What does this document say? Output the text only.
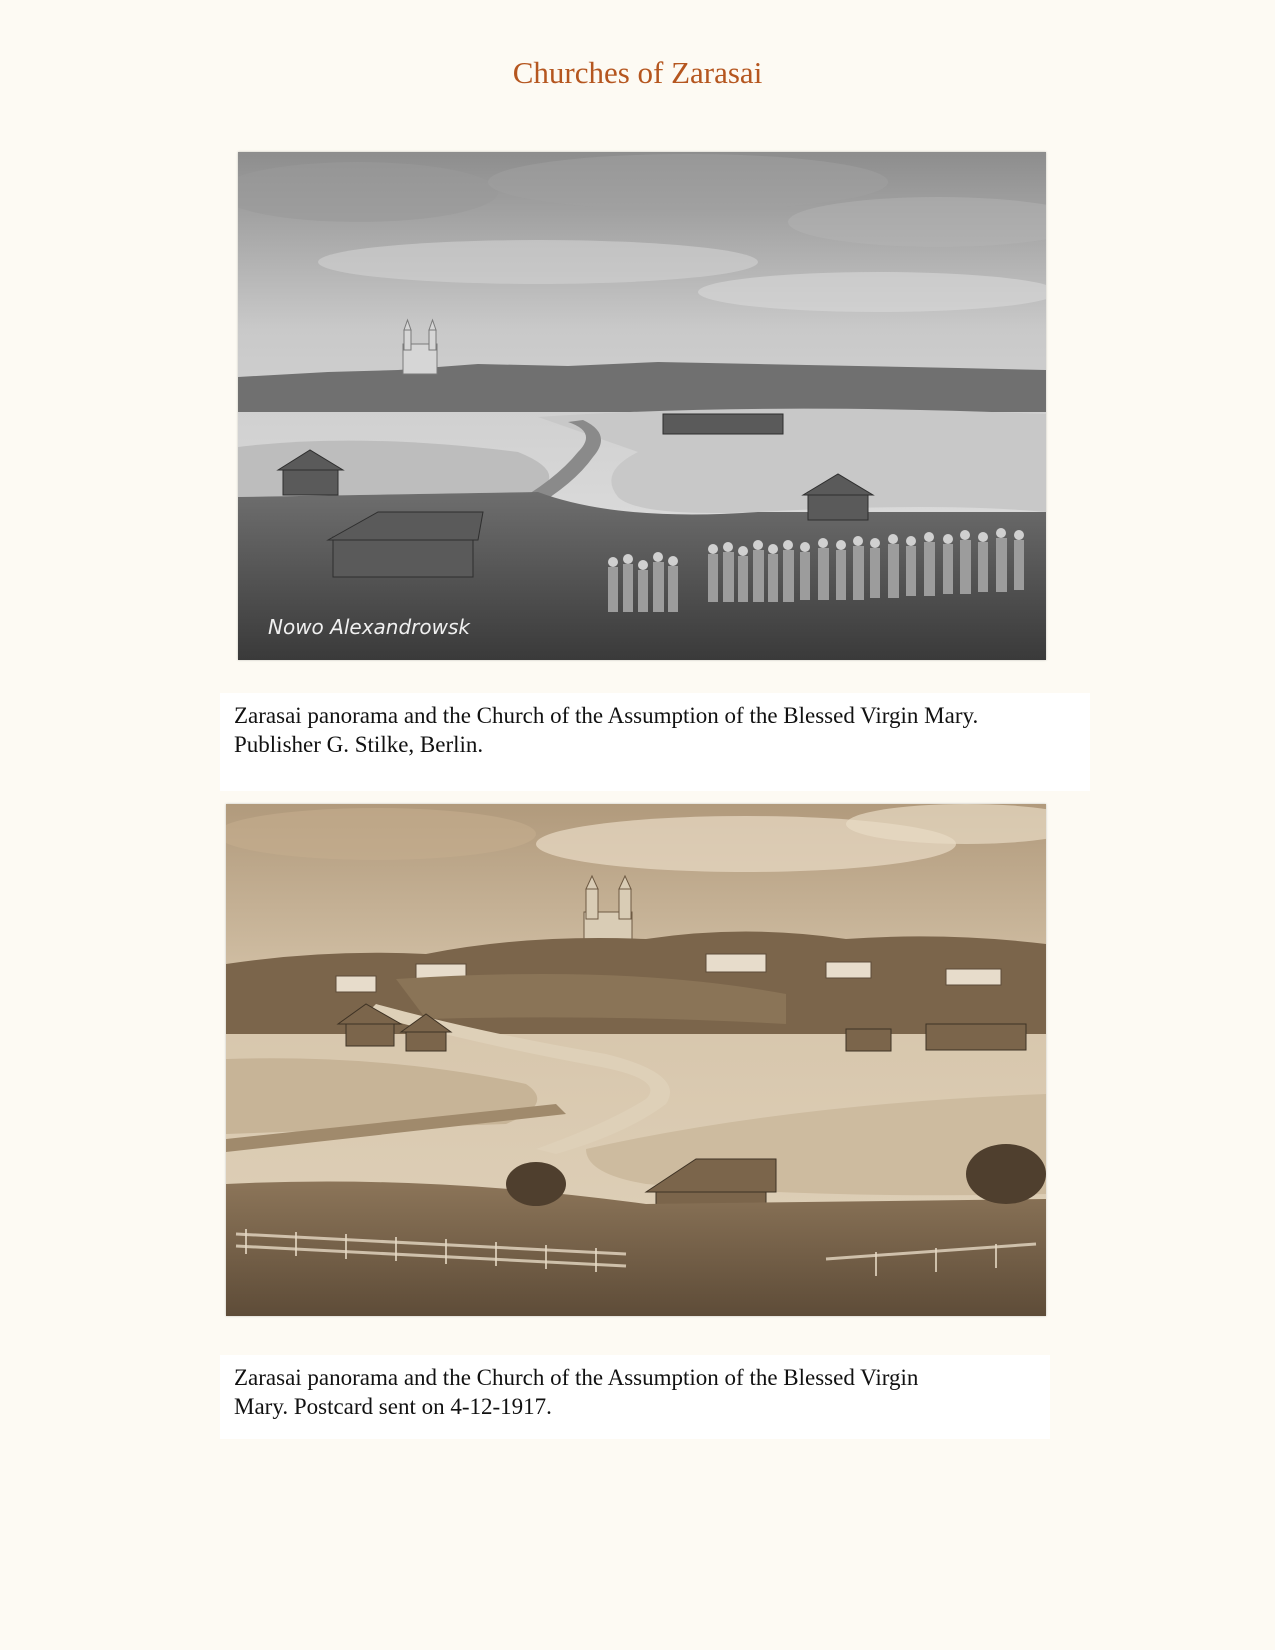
Churches of Zarasai
Nowo Alexandrowsk

Zarasai panorama and the Church of the Assumption of the Blessed Virgin Mary.

Publisher G. Stilke, Berlin.

Zarasai panorama and the Church of the Assumption of the Blessed Virgin

Mary. Postcard sent on 4-12-1917.
